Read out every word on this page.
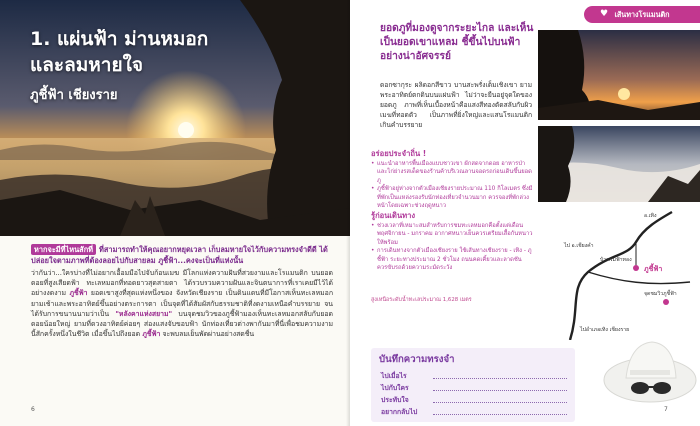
1. แผ่นฟ้า ม่านหมอก
และลมหายใจ
ภูชี้ฟ้า เชียงราย
หากจะมีที่ไหนสักที่ ที่สามารถทำให้คุณอยากหยุดเวลา เก็บลมหายใจไว้กับความทรงจำดีดี ได้ปล่อยใจตามภาพที่ต้องลอยไปกับสายลม ภูชี้ฟ้า...คงจะเป็นที่แห่งนั้น
ว่ากันว่า...ใครบ่างที่ไม่อยากเอื้อมมือไปจับก้อนเมฆ มีโลกแห่งความฝันที่สวยงามและโรแมนติก บนยอดดอยที่สูงเสียดฟ้า ทะเลหมอกที่ทอดยาวสุดสายตา ได้รวบรวมความฝันและจินตนาการที่เราเคยมีไว้ได้อย่างงดงาม ภูชี้ฟ้า ยอดเขาสูงที่สุดแห่งหนึ่งของ จังหวัดเชียงราย เป็นดินแดนที่มีโอกาสเห็นทะเลหมอกยามเช้าและพระอาทิตย์ขึ้นอย่างตระการตา เป็นจุดที่ได้สัมผัสกับธรรมชาติที่งดงามเหนือคำบรรยาย จนได้รับการขนานนามว่าเป็น "หลังคาแห่งสยาม" บนจุดชมวิวของภูชี้ฟ้ามองเห็นทะเลหมอกสลับกับยอดดอยน้อยใหญ่ ยามที่ดวงอาทิตย์ค่อยๆ ส่องแสงจับขอบฟ้า นักท่องเที่ยวต่างพากันมาที่นี่เพื่อชมความงามนี้สักครั้งหนึ่งในชีวิต เมื่อขึ้นไปถึงยอด ภูชี้ฟ้า จะพบลมเย็นพัดผ่านอย่างสดชื่น
6
เส้นทางโรแมนติก
♥
ยอดภูที่มองดูจากระยะไกล และเห็นเป็นยอดเขาแหลม ชี้ขึ้นไปบนฟ้าอย่างน่าอัศจรรย์
ดอกซากุระ ผลิดอกสีขาว บานสะพรั่งเต็มเชิงเขา ยามพระอาทิตย์ตกดินบนแผ่นฟ้า ไม่ว่าจะยืนอยู่จุดใดของยอดภู ภาพที่เห็นเบื้องหน้าคือแสงสีทองตัดสลับกับผิวเมฆที่ทอดตัว เป็นภาพที่ยิ่งใหญ่และแสนโรแมนติกเกินคำบรรยาย
อร่อยประจำถิ่น !
• แนะนำอาหารพื้นเมืองแบบชาวเขา ผักสดจากดอย อาหารป่า และไก่ย่างรสเด็ดของร้านค้าบริเวณลานจอดรถก่อนเดินขึ้นยอดภู
• ภูชี้ฟ้าอยู่ห่างจากตัวเมืองเชียงรายประมาณ 110 กิโลเมตร ซึ่งมีที่พักเป็นแหล่งรองรับนักท่องเที่ยวจำนวนมาก ควรจองที่พักล่วงหน้าโดยเฉพาะช่วงฤดูหนาว
รู้ก่อนเดินทาง
• ช่วงเวลาที่เหมาะสมสำหรับการชมทะเลหมอกคือตั้งแต่เดือนพฤศจิกายน - มกราคม อากาศหนาวเย็นควรเตรียมเสื้อกันหนาวให้พร้อม
• การเดินทางจากตัวเมืองเชียงราย ใช้เส้นทางเชียงราย - เทิง - ภูชี้ฟ้า ระยะทางประมาณ 2 ชั่วโมง ถนนคดเคี้ยวและลาดชัน ควรขับรถด้วยความระมัดระวัง
สูงเหนือระดับน้ำทะเลประมาณ 1,628 เมตร
อ.เทิง
ไป อ.เชียงคำ
บ้านร่มฟ้าทอง
ภูชี้ฟ้า
จุดชมวิวภูชี้ฟ้า
ไปอำเภอเทิง เชียงราย
บันทึกความทรงจำ
ไปเมื่อไร
ไปกับใคร
ประทับใจ
อยากกลับไป	7
